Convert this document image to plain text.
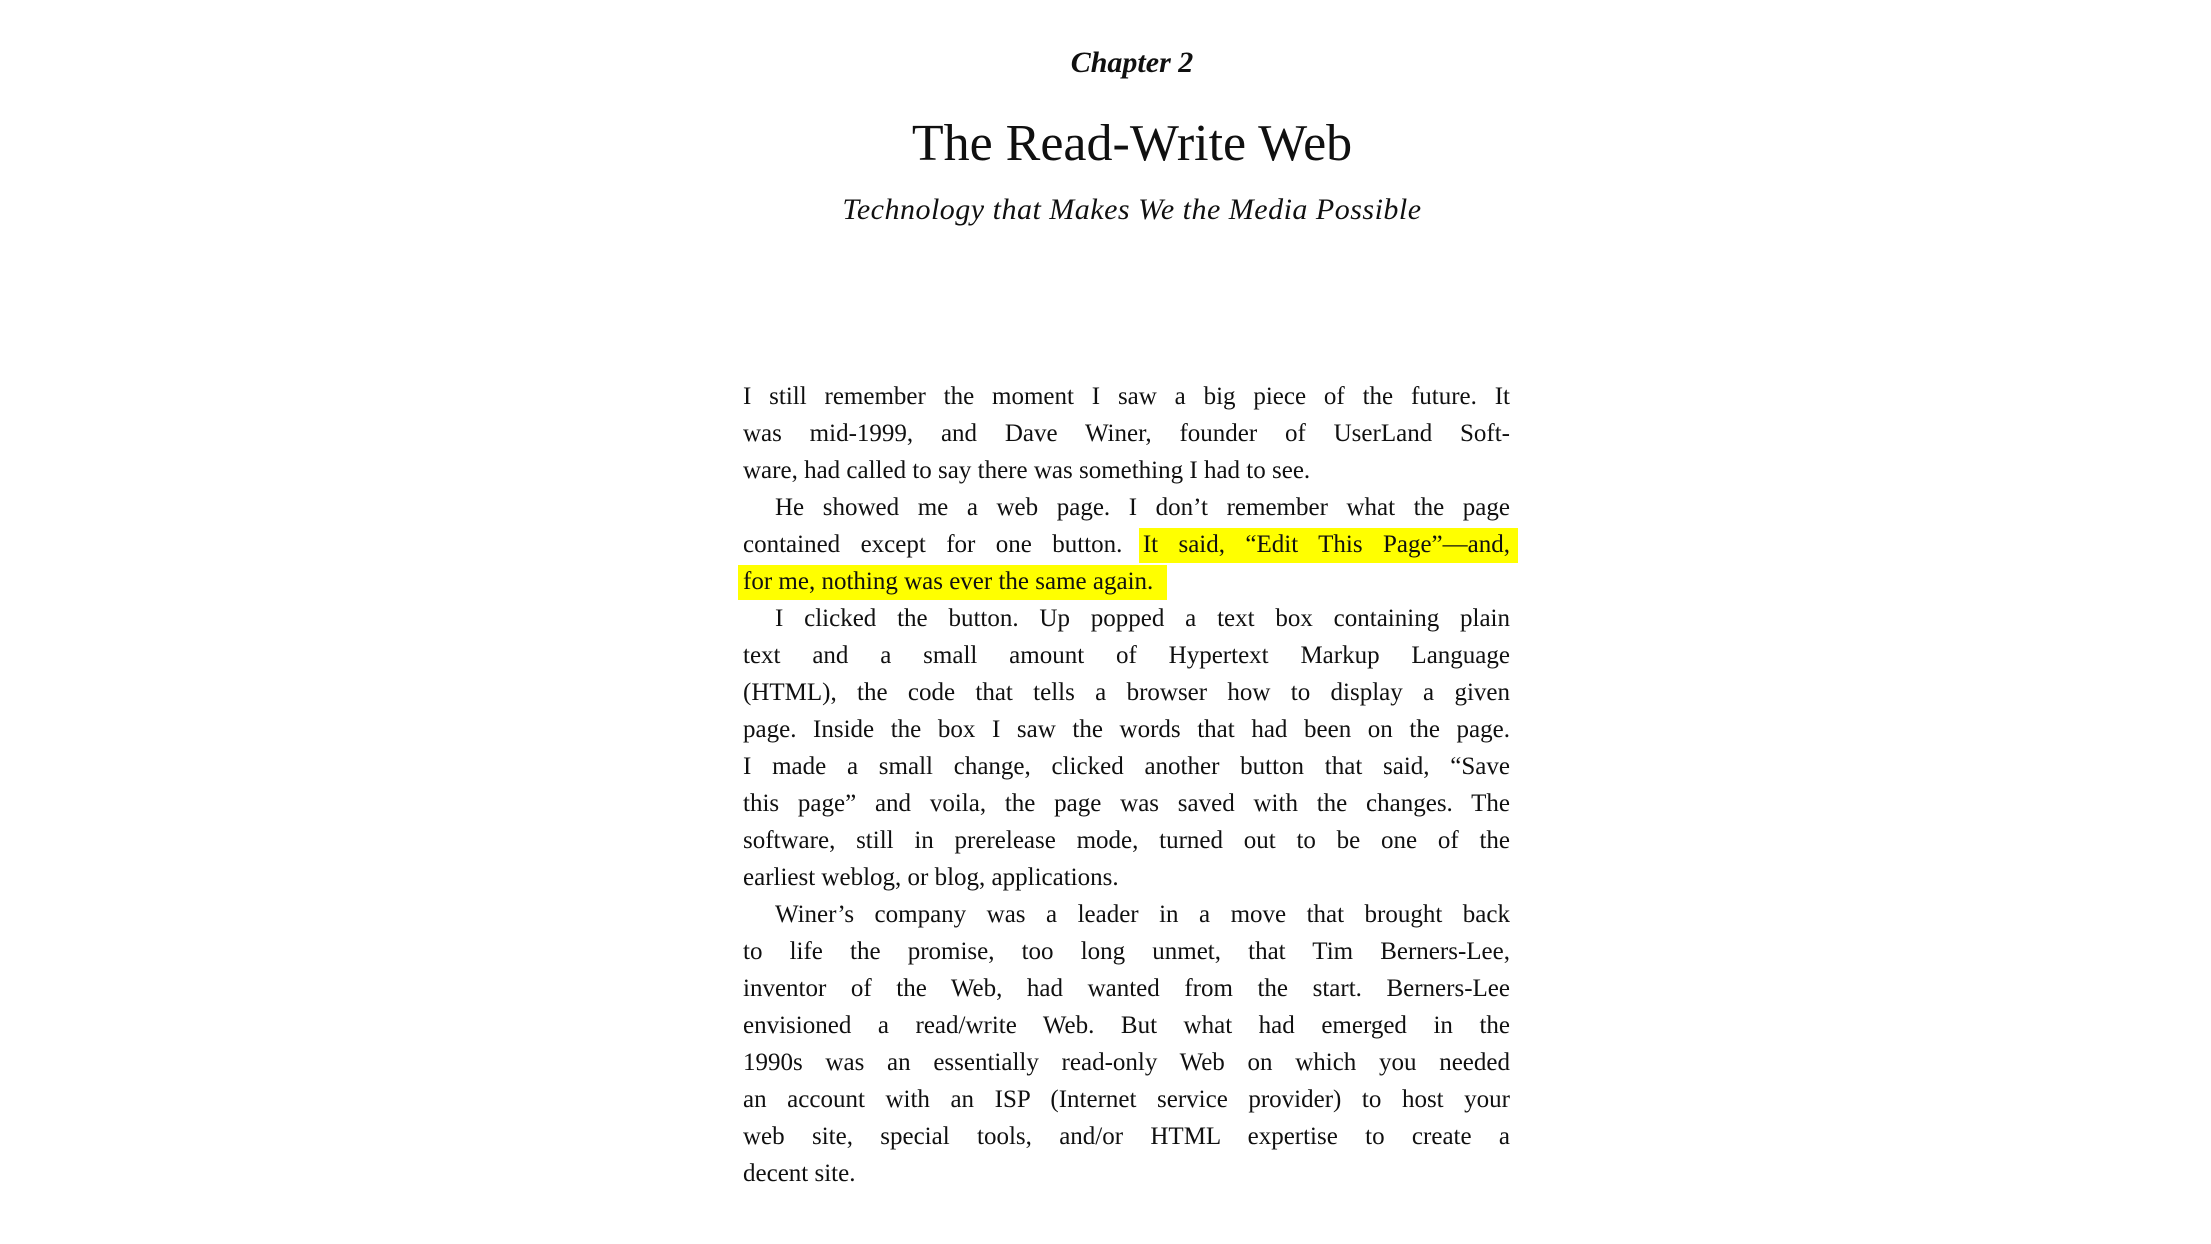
Chapter 2
The Read-Write Web
Technology that Makes We the Media Possible
I still remember the moment I saw a big piece of the future. It
was mid-1999, and Dave Winer, founder of UserLand Soft-
ware, had called to say there was something I had to see.
He showed me a web page. I don’t remember what the page
contained except for one button. It said, “Edit This Page”—and,
for me, nothing was ever the same again.
I clicked the button. Up popped a text box containing plain
text and a small amount of Hypertext Markup Language
(HTML), the code that tells a browser how to display a given
page. Inside the box I saw the words that had been on the page.
I made a small change, clicked another button that said, “Save
this page” and voila, the page was saved with the changes. The
software, still in prerelease mode, turned out to be one of the
earliest weblog, or blog, applications.
Winer’s company was a leader in a move that brought back
to life the promise, too long unmet, that Tim Berners-Lee,
inventor of the Web, had wanted from the start. Berners-Lee
envisioned a read/write Web. But what had emerged in the
1990s was an essentially read-only Web on which you needed
an account with an ISP (Internet service provider) to host your
web site, special tools, and/or HTML expertise to create a
decent site.
